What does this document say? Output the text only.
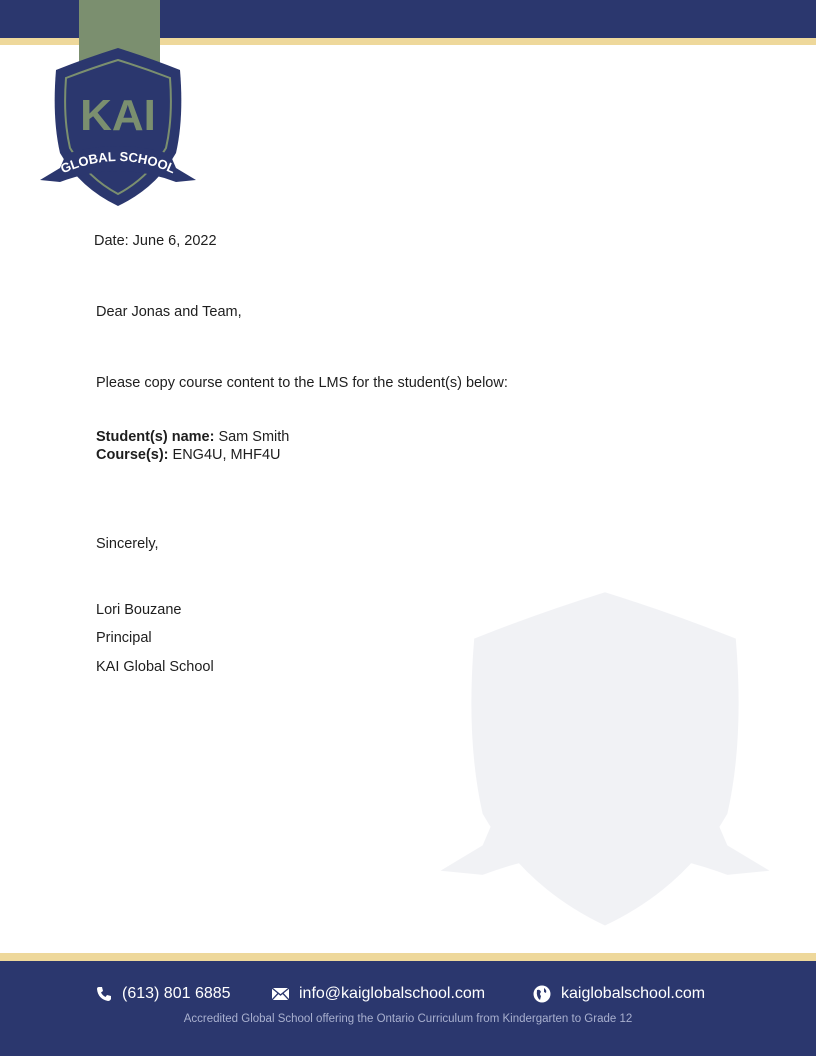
KAI
GLOBAL SCHOOL
Date: June 6, 2022
Dear Jonas and Team,
Please copy course content to the LMS for the student(s) below:
Student(s) name: Sam Smith
Course(s): ENG4U, MHF4U
Sincerely,
Lori Bouzane
Principal
KAI Global School
(613) 801 6885	info@kaiglobalschool.com	kaiglobalschool.com
Accredited Global School offering the Ontario Curriculum from Kindergarten to Grade 12
